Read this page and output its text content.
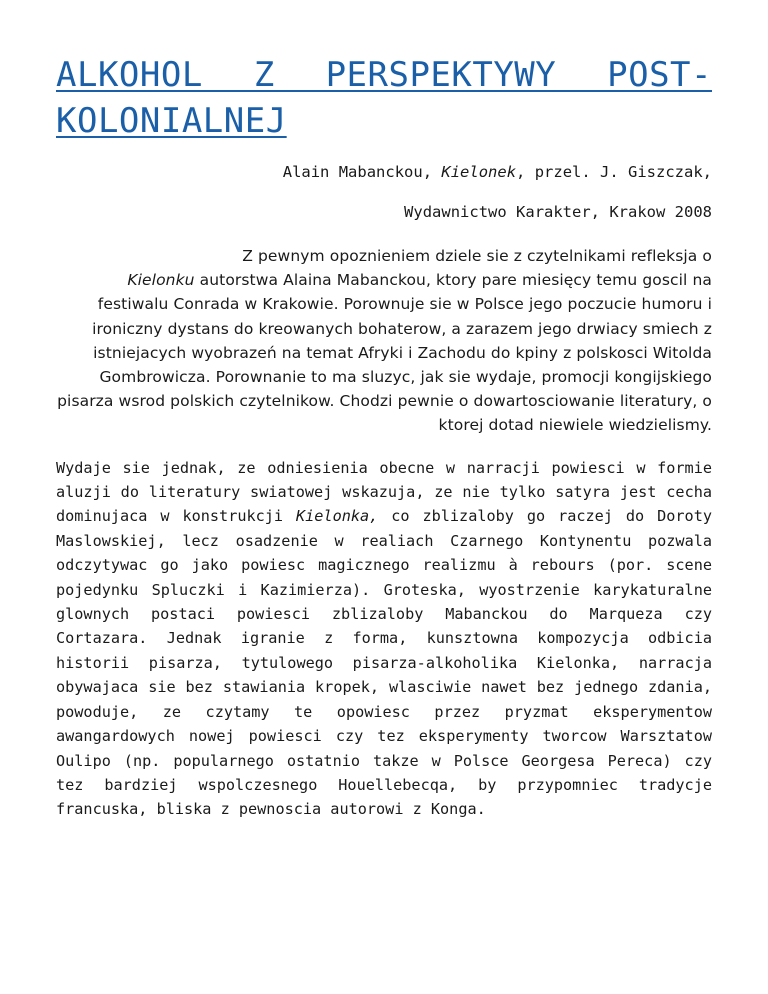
ALKOHOL Z PERSPEKTYWY POST-KOLONIALNEJ

Alain Mabanckou, Kielonek, przel. J. Giszczak,

Wydawnictwo Karakter, Krakow 2008

Z pewnym opoznieniem dziele sie z czytelnikami refleksja o
Kielonku autorstwa Alaina Mabanckou, ktory pare miesięcy temu goscil na festiwalu Conrada w Krakowie. Porownuje sie w Polsce jego poczucie humoru i ironiczny dystans do kreowanych bohaterow, a zarazem jego drwiacy smiech z istniejacych wyobrazeń na temat Afryki i Zachodu do kpiny z polskosci Witolda Gombrowicza. Porownanie to ma sluzyc, jak sie wydaje, promocji kongijskiego pisarza wsrod polskich czytelnikow. Chodzi pewnie o dowartosciowanie literatury, o ktorej dotad niewiele wiedzielismy.

Wydaje sie jednak, ze odniesienia obecne w narracji powiesci w formie aluzji do literatury swiatowej wskazuja, ze nie tylko satyra jest cecha dominujaca w konstrukcji Kielonka, co zblizaloby go raczej do Doroty Maslowskiej, lecz osadzenie w realiach Czarnego Kontynentu pozwala odczytywac go jako powiesc magicznego realizmu à rebours (por. scene pojedynku Spluczki i Kazimierza). Groteska, wyostrzenie karykaturalne glownych postaci powiesci zblizaloby Mabanckou do Marqueza czy Cortazara. Jednak igranie z forma, kunsztowna kompozycja odbicia historii pisarza, tytulowego pisarza-alkoholika Kielonka, narracja obywajaca sie bez stawiania kropek, wlasciwie nawet bez jednego zdania, powoduje, ze czytamy te opowiesc przez pryzmat eksperymentow awangardowych nowej powiesci czy tez eksperymenty tworcow Warsztatow Oulipo (np. popularnego ostatnio takze w Polsce Georgesa Pereca) czy tez bardziej wspolczesnego Houellebecqa, by przypomniec tradycje francuska, bliska z pewnoscia autorowi z Konga.
